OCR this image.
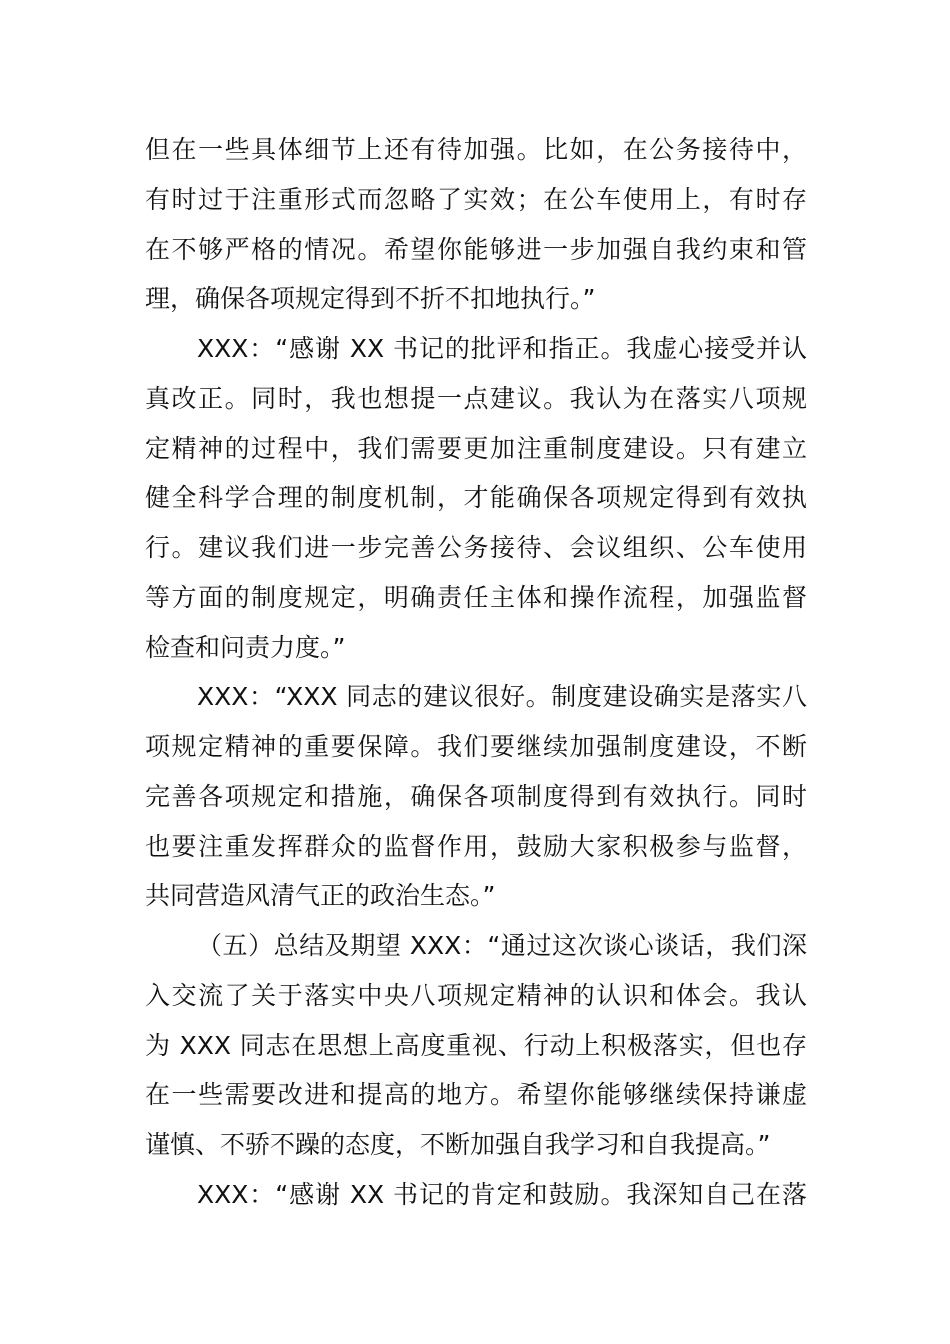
但在一些具体细节上还有待加强。比如，在公务接待中，
有时过于注重形式而忽略了实效；在公车使用上，有时存
在不够严格的情况。希望你能够进一步加强自我约束和管
理，确保各项规定得到不折不扣地执行。”
XXX：“感谢 XX 书记的批评和指正。我虚心接受并认
真改正。同时，我也想提一点建议。我认为在落实八项规
定精神的过程中，我们需要更加注重制度建设。只有建立
健全科学合理的制度机制，才能确保各项规定得到有效执
行。建议我们进一步完善公务接待、会议组织、公车使用
等方面的制度规定，明确责任主体和操作流程，加强监督
检查和问责力度。”
XXX：“XXX 同志的建议很好。制度建设确实是落实八
项规定精神的重要保障。我们要继续加强制度建设，不断
完善各项规定和措施，确保各项制度得到有效执行。同时
也要注重发挥群众的监督作用，鼓励大家积极参与监督，
共同营造风清气正的政治生态。”
（五）总结及期望 XXX：“通过这次谈心谈话，我们深
入交流了关于落实中央八项规定精神的认识和体会。我认
为 XXX 同志在思想上高度重视、行动上积极落实，但也存
在一些需要改进和提高的地方。希望你能够继续保持谦虚
谨慎、不骄不躁的态度，不断加强自我学习和自我提高。”
XXX：“感谢 XX 书记的肯定和鼓励。我深知自己在落
